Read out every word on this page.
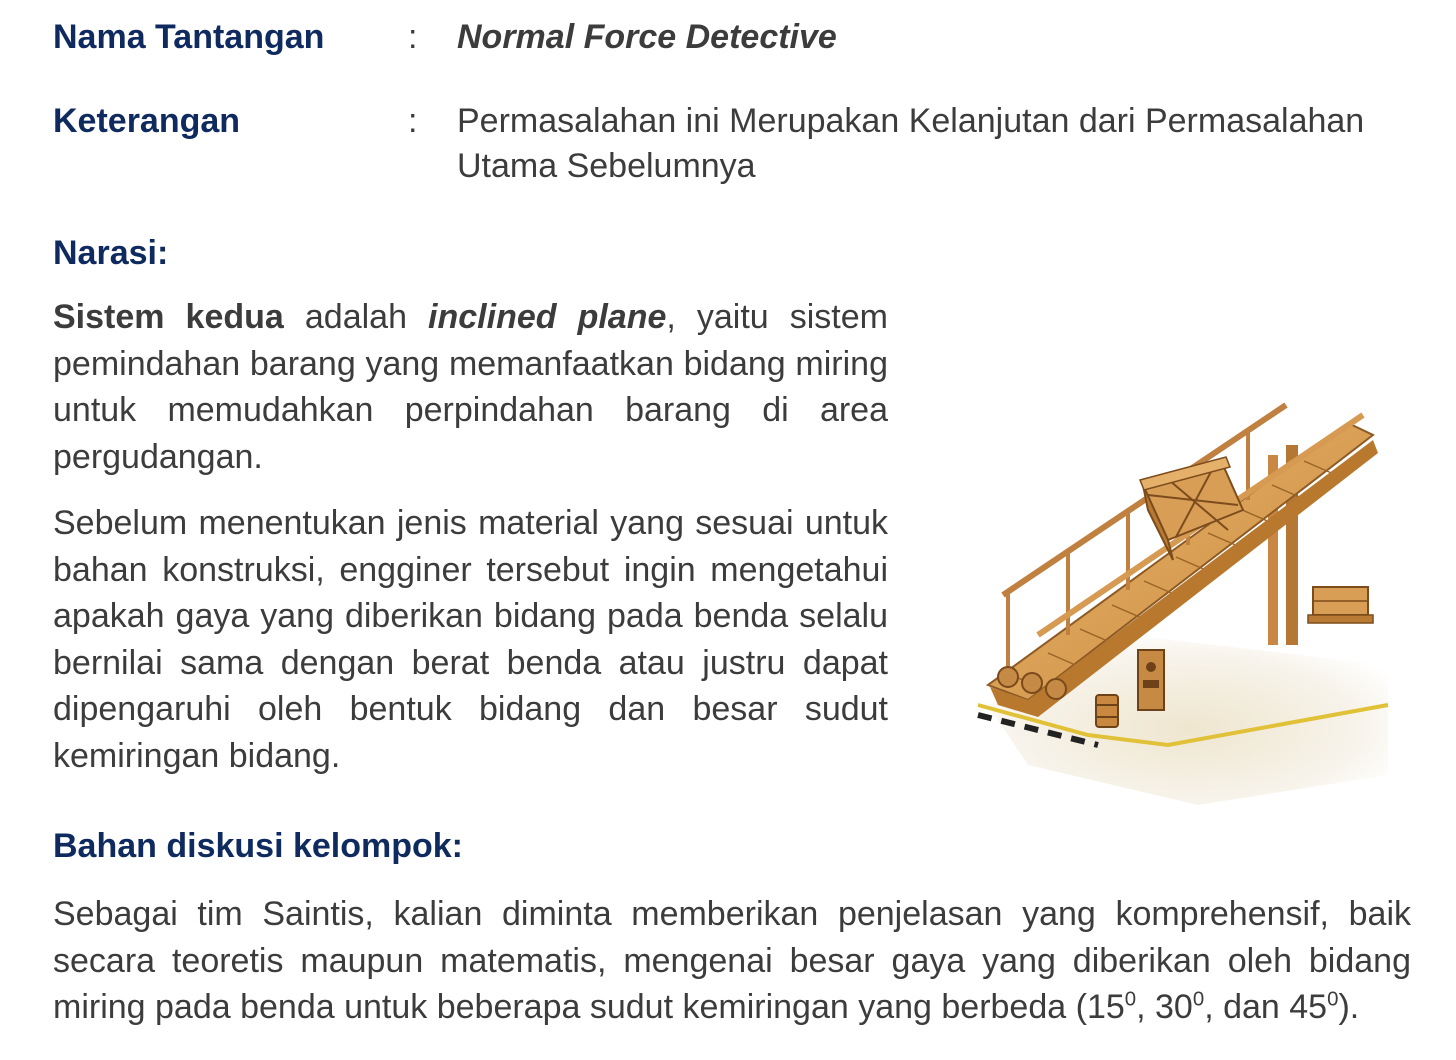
Nama Tantangan : Normal Force Detective
Keterangan	: Permasalahan ini Merupakan Kelanjutan dari Permasalahan
Utama Sebelumnya
Narasi:

Sistem kedua adalah inclined plane, yaitu sistem pemindahan barang yang memanfaatkan bidang miring untuk memudahkan perpindahan barang di area pergudangan.

Sebelum menentukan jenis material yang sesuai untuk bahan konstruksi, engginer tersebut ingin mengetahui apakah gaya yang diberikan bidang pada benda selalu bernilai sama dengan berat benda atau justru dapat dipengaruhi oleh bentuk bidang dan besar sudut kemiringan bidang.

Bahan diskusi kelompok:

Sebagai tim Saintis, kalian diminta memberikan penjelasan yang komprehensif, baik secara teoretis maupun matematis, mengenai besar gaya yang diberikan oleh bidang miring pada benda untuk beberapa sudut kemiringan yang berbeda ($15^0$, $30^0$, dan $45^0$).
